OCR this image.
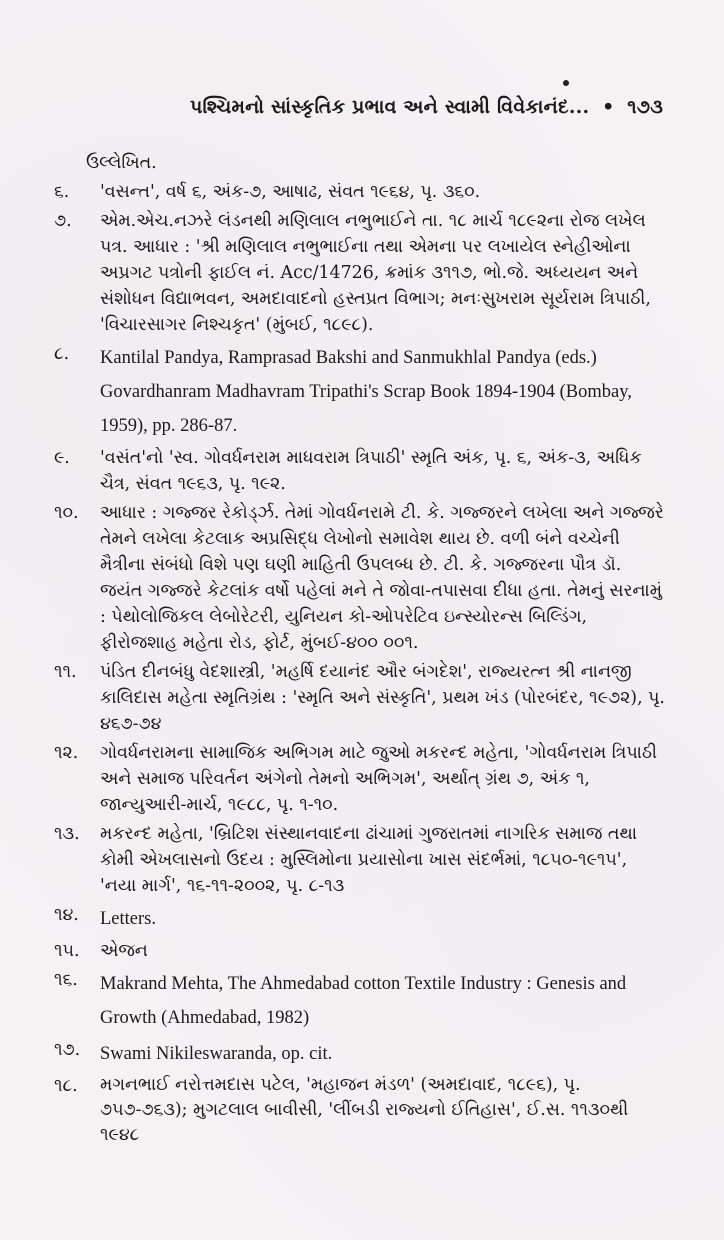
પશ્ચિમનો સાંસ્કૃતિક પ્રભાવ અને સ્વામી વિવેકાનંદ... • ૧૭૩
ઉલ્લેખિત.
૬.	'વસન્ત', વર્ષ ૬, અંક-૭, આષાઢ, સંવત ૧૯૬૪, પૃ. ૩૬૦.
૭.	એમ.એચ.નઝરે લંડનથી મણિલાલ નભુભાઈને તા. ૧૮ માર્ચ ૧૮૯૨ના રોજ લખેલ પત્ર. આધાર : 'શ્રી મણિલાલ નભુભાઈના તથા એમના પર લખાયેલ સ્નેહીઓના અપ્રગટ પત્રોની ફાઈલ નં. Acc/14726, ક્રમાંક ૩૧૧૭, ભો.જે. અધ્યયન અને સંશોધન વિદ્યાભવન, અમદાવાદનો હસ્તપ્રત વિભાગ; મનઃસુખરામ સૂર્યરામ ત્રિપાઠી, 'વિચારસાગર નિશ્ચકૃત' (મુંબઈ, ૧૮૯૮).
૮.	Kantilal Pandya, Ramprasad Bakshi and Sanmukhlal Pandya (eds.) Govardhanram Madhavram Tripathi's Scrap Book 1894-1904 (Bombay, 1959), pp. 286-87.
૯.	'વસંત'નો 'સ્વ. ગોવર્ધનરામ માધવરામ ત્રિપાઠી' સ્મૃતિ અંક, પૃ. ૬, અંક-૩, અધિક ચૈત્ર, સંવત ૧૯૬૩, પૃ. ૧૯૨.
૧૦.	આધાર : ગજ્જર રેકોર્ડ્ઝ. તેમાં ગોવર્ધનરામે ટી. કે. ગજ્જરને લખેલા અને ગજ્જરે તેમને લખેલા કેટલાક અપ્રસિદ્ધ લેખોનો સમાવેશ થાય છે. વળી બંને વચ્ચેની મૈત્રીના સંબંધો વિશે પણ ઘણી માહિતી ઉપલબ્ધ છે. ટી. કે. ગજ્જરના પૌત્ર ડૉ. જયંત ગજ્જરે કેટલાંક વર્ષો પહેલાં મને તે જોવા-તપાસવા દીધા હતા. તેમનું સરનામું : પેથોલોજિકલ લેબોરેટરી, યુનિયન કો-ઓપરેટિવ ઇન્સ્યોરન્સ બિલ્ડિંગ, ફીરોજશાહ મહેતા રોડ, ફોર્ટ, મુંબઈ-૪૦૦ ૦૦૧.
૧૧.	પંડિત દીનબંધુ વેદશાસ્ત્રી, 'મહર્ષિ દયાનંદ ઔર બંગદેશ', રાજ્યરત્ન શ્રી નાનજી કાલિદાસ મહેતા સ્મૃતિગ્રંથ : 'સ્મૃતિ અને સંસ્કૃતિ', પ્રથમ ખંડ (પોરબંદર, ૧૯૭૨), પૃ. ૪૬૭-૭૪
૧૨.	ગોવર્ધનરામના સામાજિક અભિગમ માટે જુઓ મકરન્દ મહેતા, 'ગોવર્ધનરામ ત્રિપાઠી અને સમાજ પરિવર્તન અંગેનો તેમનો અભિગમ', અર્થાત્ ગ્રંથ ૭, અંક ૧, જાન્યુઆરી-માર્ચ, ૧૯૮૮, પૃ. ૧-૧૦.
૧૩.	મકરન્દ મહેતા, 'બ્રિટિશ સંસ્થાનવાદના ઢાંચામાં ગુજરાતમાં નાગરિક સમાજ તથા કોમી એખલાસનો ઉદય : મુસ્લિમોના પ્રયાસોના ખાસ સંદર્ભમાં, ૧૮૫૦-૧૯૧૫', 'નયા માર્ગ', ૧૬-૧૧-૨૦૦૨, પૃ. ૮-૧૩
૧૪.	Letters.
૧૫.	એજન
૧૬.	Makrand Mehta, The Ahmedabad cotton Textile Industry : Genesis and Growth (Ahmedabad, 1982)
૧૭.	Swami Nikileswaranda, op. cit.
૧૮.	મગનભાઈ નરોત્તમદાસ પટેલ, 'મહાજન મંડળ' (અમદાવાદ, ૧૮૯૬), પૃ. ૭૫૭-૭૬૩); મુગટલાલ બાવીસી, 'લીંબડી રાજ્યનો ઈતિહાસ', ઈ.સ. ૧૧૩૦થી ૧૯૪૮
